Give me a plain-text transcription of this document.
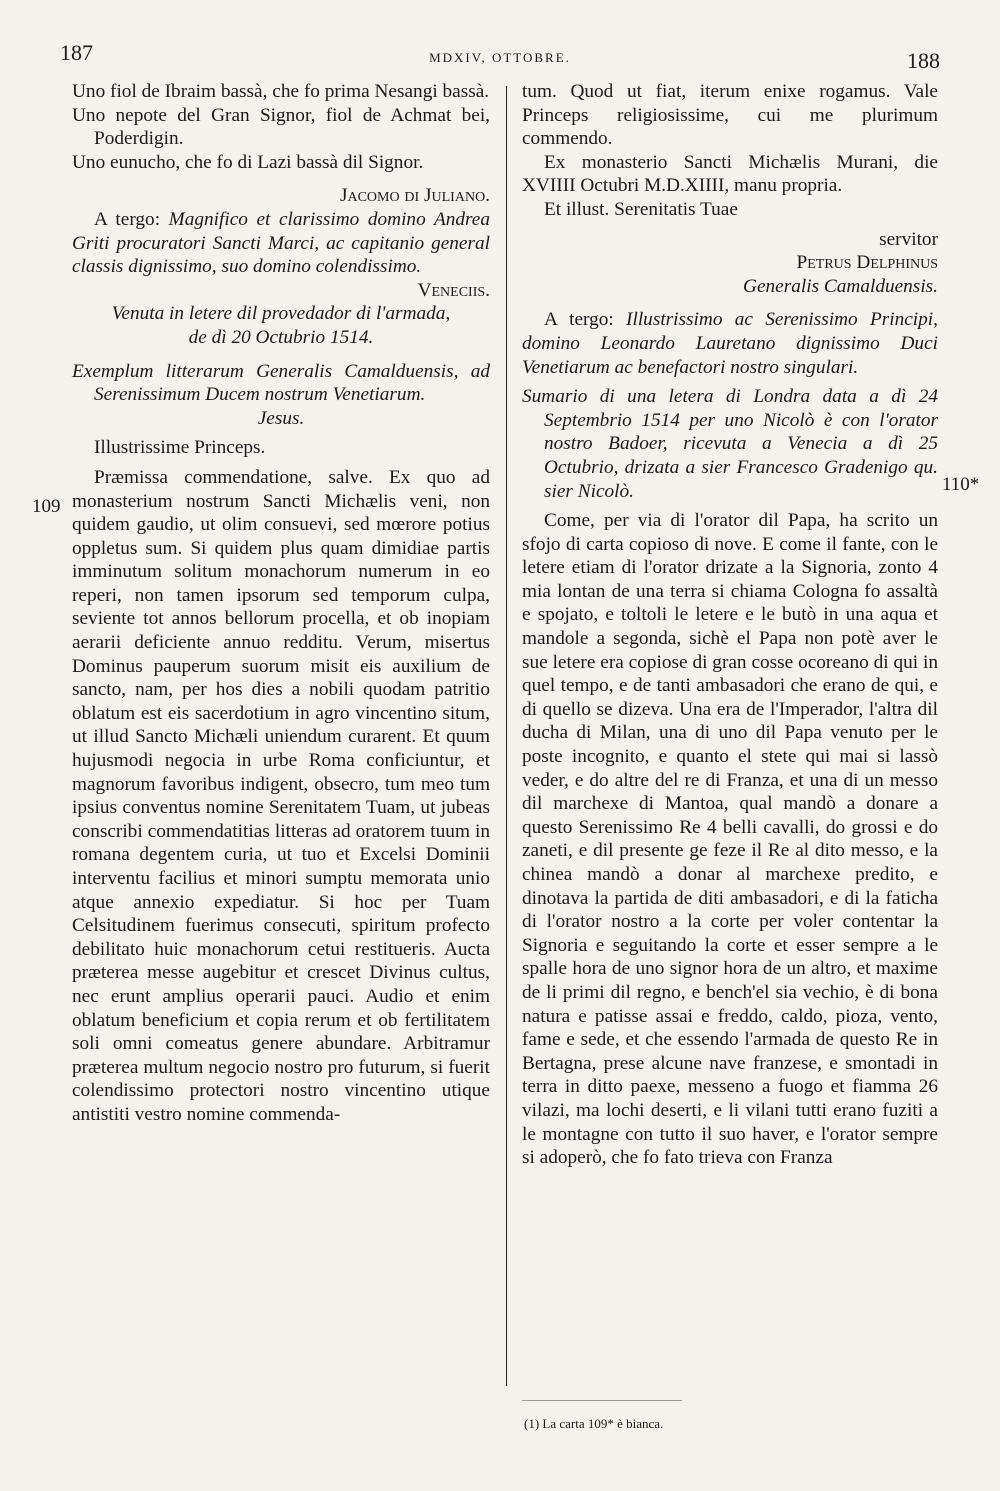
187	MDXIV, OTTOBRE.	188
109
110*

Uno fiol de Ibraim bassà, che fo prima Nesangi bassà.

Uno nepote del Gran Signor, fiol de Achmat bei, Poderdigin.

Uno eunucho, che fo di Lazi bassà dil Signor.

Jacomo di Juliano.

A tergo: Magnifico et clarissimo domino Andrea Griti procuratori Sancti Marci, ac capitanio general classis dignissimo, suo domino colendissimo.

Veneciis.

Venuta in letere dil provedador di l'armada,

de dì 20 Octubrio 1514.

Exemplum litterarum Generalis Camalduensis, ad Serenissimum Ducem nostrum Venetiarum.

Jesus.

Illustrissime Princeps.

Præmissa commendatione, salve. Ex quo ad monasterium nostrum Sancti Michælis veni, non quidem gaudio, ut olim consuevi, sed mœrore potius oppletus sum. Si quidem plus quam dimidiae partis imminutum solitum monachorum numerum in eo reperi, non tamen ipsorum sed temporum culpa, seviente tot annos bellorum procella, et ob inopiam aerarii deficiente annuo redditu. Verum, misertus Dominus pauperum suorum misit eis auxilium de sancto, nam, per hos dies a nobili quodam patritio oblatum est eis sacerdotium in agro vincentino situm, ut illud Sancto Michæli uniendum curarent. Et quum hujusmodi negocia in urbe Roma conficiuntur, et magnorum favoribus indigent, obsecro, tum meo tum ipsius conventus nomine Serenitatem Tuam, ut jubeas conscribi commendatitias litteras ad oratorem tuum in romana degentem curia, ut tuo et Excelsi Dominii interventu facilius et minori sumptu memorata unio atque annexio expediatur. Si hoc per Tuam Celsitudinem fuerimus consecuti, spiritum profecto debilitato huic monachorum cetui restitueris. Aucta præterea messe augebitur et crescet Divinus cultus, nec erunt amplius operarii pauci. Audio et enim oblatum beneficium et copia rerum et ob fertilitatem soli omni comeatus genere abundare. Arbitramur præterea multum negocio nostro pro futurum, si fuerit colendissimo protectori nostro vincentino utique antistiti vestro nomine commenda-

tum. Quod ut fiat, iterum enixe rogamus. Vale Princeps religiosissime, cui me plurimum commendo.

Ex monasterio Sancti Michælis Murani, die XVIIII Octubri M.D.XIIII, manu propria.

Et illust. Serenitatis Tuae

servitor

Petrus Delphinus

Generalis Camalduensis.

A tergo: Illustrissimo ac Serenissimo Principi, domino Leonardo Lauretano dignissimo Duci Venetiarum ac benefactori nostro singulari.

Sumario di una letera di Londra data a dì 24 Septembrio 1514 per uno Nicolò è con l'orator nostro Badoer, ricevuta a Venecia a dì 25 Octubrio, drizata a sier Francesco Gradenigo qu. sier Nicolò.

Come, per via di l'orator dil Papa, ha scrito un sfojo di carta copioso di nove. E come il fante, con le letere etiam di l'orator drizate a la Signoria, zonto 4 mia lontan de una terra si chiama Cologna fo assaltà e spojato, e toltoli le letere e le butò in una aqua et mandole a segonda, sichè el Papa non potè aver le sue letere era copiose di gran cosse ocoreano di qui in quel tempo, e de tanti ambasadori che erano de qui, e di quello se dizeva. Una era de l'Imperador, l'altra dil ducha di Milan, una di uno dil Papa venuto per le poste incognito, e quanto el stete qui mai si lassò veder, e do altre del re di Franza, et una di un messo dil marchexe di Mantoa, qual mandò a donare a questo Serenissimo Re 4 belli cavalli, do grossi e do zaneti, e dil presente ge feze il Re al dito messo, e la chinea mandò a donar al marchexe predito, e dinotava la partida de diti ambasadori, e di la faticha di l'orator nostro a la corte per voler contentar la Signoria e seguitando la corte et esser sempre a le spalle hora de uno signor hora de un altro, et maxime de li primi dil regno, e bench'el sia vechio, è di bona natura e patisse assai e freddo, caldo, pioza, vento, fame e sede, et che essendo l'armada de questo Re in Bertagna, prese alcune nave franzese, e smontadi in terra in ditto paexe, messeno a fuogo et fiamma 26 vilazi, ma lochi deserti, e li vilani tutti erano fuziti a le montagne con tutto il suo haver, e l'orator sempre si adoperò, che fo fato trieva con Franza

(1) La carta 109* è bianca.
